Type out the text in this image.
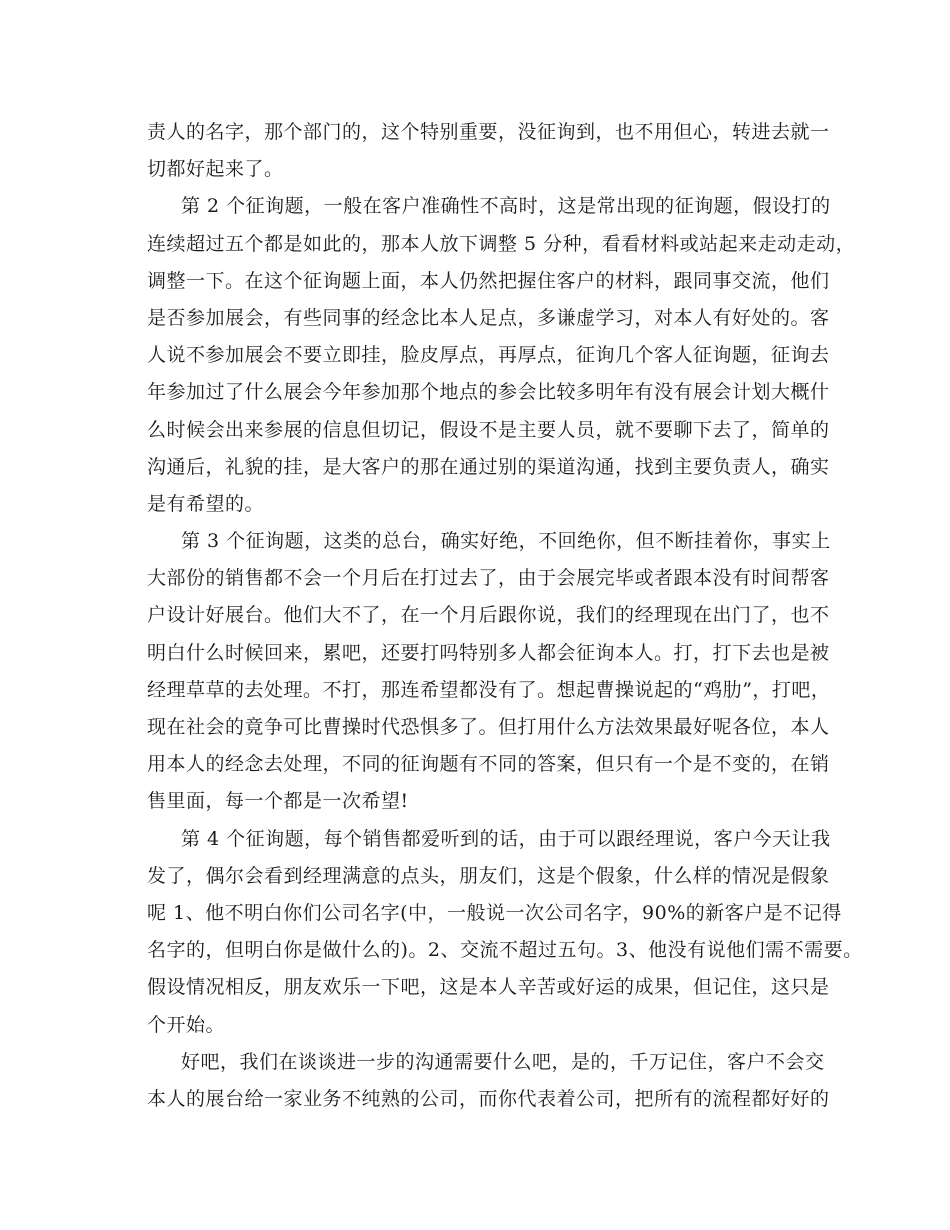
责人的名字，那个部门的，这个特别重要，没征询到，也不用但心，转进去就一
切都好起来了。
第 2 个征询题，一般在客户准确性不高时，这是常出现的征询题，假设打的
连续超过五个都是如此的，那本人放下调整 5 分种，看看材料或站起来走动走动，
调整一下。在这个征询题上面，本人仍然把握住客户的材料，跟同事交流，他们
是否参加展会，有些同事的经念比本人足点，多谦虚学习，对本人有好处的。客
人说不参加展会不要立即挂，脸皮厚点，再厚点，征询几个客人征询题，征询去
年参加过了什么展会今年参加那个地点的参会比较多明年有没有展会计划大概什
么时候会出来参展的信息但切记，假设不是主要人员，就不要聊下去了，简单的
沟通后，礼貌的挂，是大客户的那在通过别的渠道沟通，找到主要负责人，确实
是有希望的。
第 3 个征询题，这类的总台，确实好绝，不回绝你，但不断挂着你，事实上
大部份的销售都不会一个月后在打过去了，由于会展完毕或者跟本没有时间帮客
户设计好展台。他们大不了，在一个月后跟你说，我们的经理现在出门了，也不
明白什么时候回来，累吧，还要打吗特别多人都会征询本人。打，打下去也是被
经理草草的去处理。不打，那连希望都没有了。想起曹操说起的“鸡肋”，打吧，
现在社会的竟争可比曹操时代恐惧多了。但打用什么方法效果最好呢各位，本人
用本人的经念去处理，不同的征询题有不同的答案，但只有一个是不变的，在销
售里面，每一个都是一次希望!
第 4 个征询题，每个销售都爱听到的话，由于可以跟经理说，客户今天让我
发了，偶尔会看到经理满意的点头，朋友们，这是个假象，什么样的情况是假象
呢 1、他不明白你们公司名字(中，一般说一次公司名字，90%的新客户是不记得
名字的，但明白你是做什么的)。2、交流不超过五句。3、他没有说他们需不需要。
假设情况相反，朋友欢乐一下吧，这是本人辛苦或好运的成果，但记住，这只是
个开始。
好吧，我们在谈谈进一步的沟通需要什么吧，是的，千万记住，客户不会交
本人的展台给一家业务不纯熟的公司，而你代表着公司，把所有的流程都好好的
